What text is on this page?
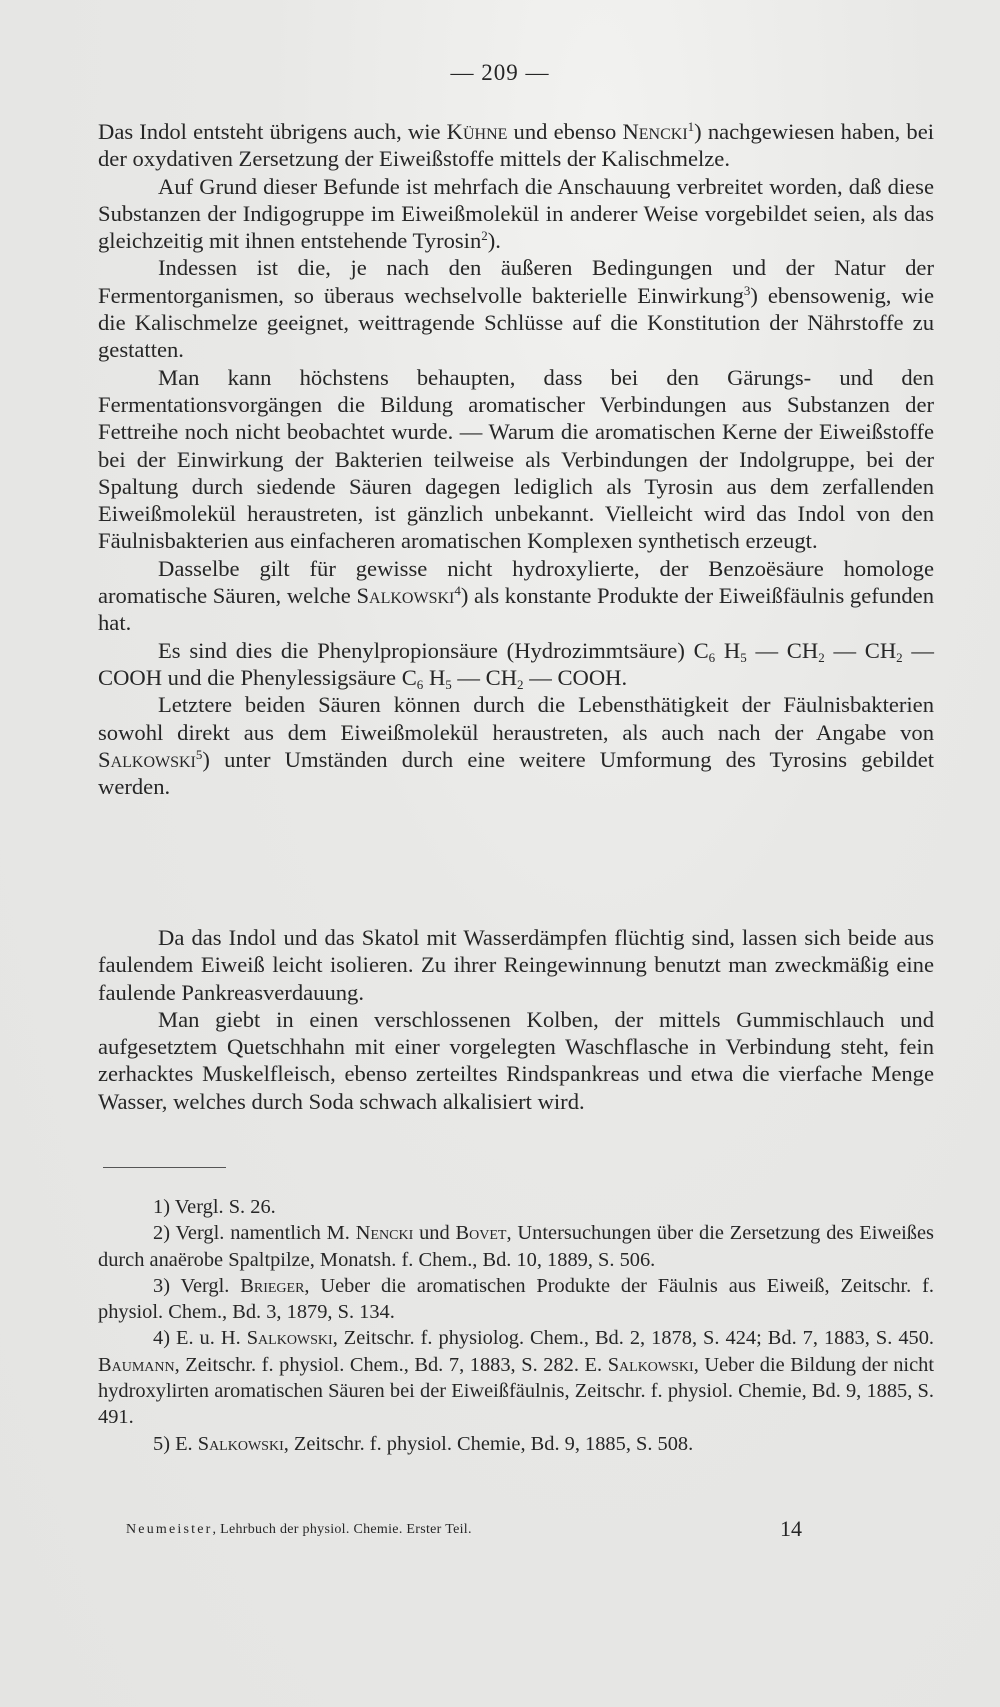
— 209 —

Das Indol entsteht übrigens auch, wie Kühne und ebenso Nencki$^1$) nachgewiesen haben, bei der oxydativen Zersetzung der Eiweißstoffe mittels der Kalischmelze.

Auf Grund dieser Befunde ist mehrfach die Anschauung verbreitet worden, daß diese Substanzen der Indigogruppe im Eiweißmolekül in anderer Weise vorgebildet seien, als das gleichzeitig mit ihnen entstehende Tyrosin$^2$).

Indessen ist die, je nach den äußeren Bedingungen und der Natur der Fermentorganismen, so überaus wechselvolle bakterielle Einwirkung$^3$) ebensowenig, wie die Kalischmelze geeignet, weittragende Schlüsse auf die Konstitution der Nährstoffe zu gestatten.

Man kann höchstens behaupten, dass bei den Gärungs- und den Fermentationsvorgängen die Bildung aromatischer Verbindungen aus Substanzen der Fettreihe noch nicht beobachtet wurde. — Warum die aromatischen Kerne der Eiweißstoffe bei der Einwirkung der Bakterien teilweise als Verbindungen der Indolgruppe, bei der Spaltung durch siedende Säuren dagegen lediglich als Tyrosin aus dem zerfallenden Eiweißmolekül heraustreten, ist gänzlich unbekannt. Vielleicht wird das Indol von den Fäulnisbakterien aus einfacheren aromatischen Komplexen synthetisch erzeugt.

Dasselbe gilt für gewisse nicht hydroxylierte, der Benzoësäure homologe aromatische Säuren, welche Salkowski$^4$) als konstante Produkte der Eiweißfäulnis gefunden hat.

Es sind dies die Phenylpropionsäure (Hydrozimmtsäure) $C_6$ $H_5$ — $CH_2$ — $CH_2$ — COOH und die Phenylessigsäure $C_6$ $H_5$ — $CH_2$ — COOH.

Letztere beiden Säuren können durch die Lebensthätigkeit der Fäulnisbakterien sowohl direkt aus dem Eiweißmolekül heraustreten, als auch nach der Angabe von Salkowski$^5$) unter Umständen durch eine weitere Umformung des Tyrosins gebildet werden.

Da das Indol und das Skatol mit Wasserdämpfen flüchtig sind, lassen sich beide aus faulendem Eiweiß leicht isolieren. Zu ihrer Reingewinnung benutzt man zweckmäßig eine faulende Pankreasverdauung.

Man giebt in einen verschlossenen Kolben, der mittels Gummischlauch und aufgesetztem Quetschhahn mit einer vorgelegten Waschflasche in Verbindung steht, fein zerhacktes Muskelfleisch, ebenso zerteiltes Rindspankreas und etwa die vierfache Menge Wasser, welches durch Soda schwach alkalisiert wird.

1) Vergl. S. 26.

2) Vergl. namentlich M. Nencki und Bovet, Untersuchungen über die Zersetzung des Eiweißes durch anaërobe Spaltpilze, Monatsh. f. Chem., Bd. 10, 1889, S. 506.

3) Vergl. Brieger, Ueber die aromatischen Produkte der Fäulnis aus Eiweiß, Zeitschr. f. physiol. Chem., Bd. 3, 1879, S. 134.

4) E. u. H. Salkowski, Zeitschr. f. physiolog. Chem., Bd. 2, 1878, S. 424; Bd. 7, 1883, S. 450. Baumann, Zeitschr. f. physiol. Chem., Bd. 7, 1883, S. 282. E. Salkowski, Ueber die Bildung der nicht hydroxylirten aromatischen Säuren bei der Eiweißfäulnis, Zeitschr. f. physiol. Chemie, Bd. 9, 1885, S. 491.

5) E. Salkowski, Zeitschr. f. physiol. Chemie, Bd. 9, 1885, S. 508.

Neumeister, Lehrbuch der physiol. Chemie. Erster Teil.	14
